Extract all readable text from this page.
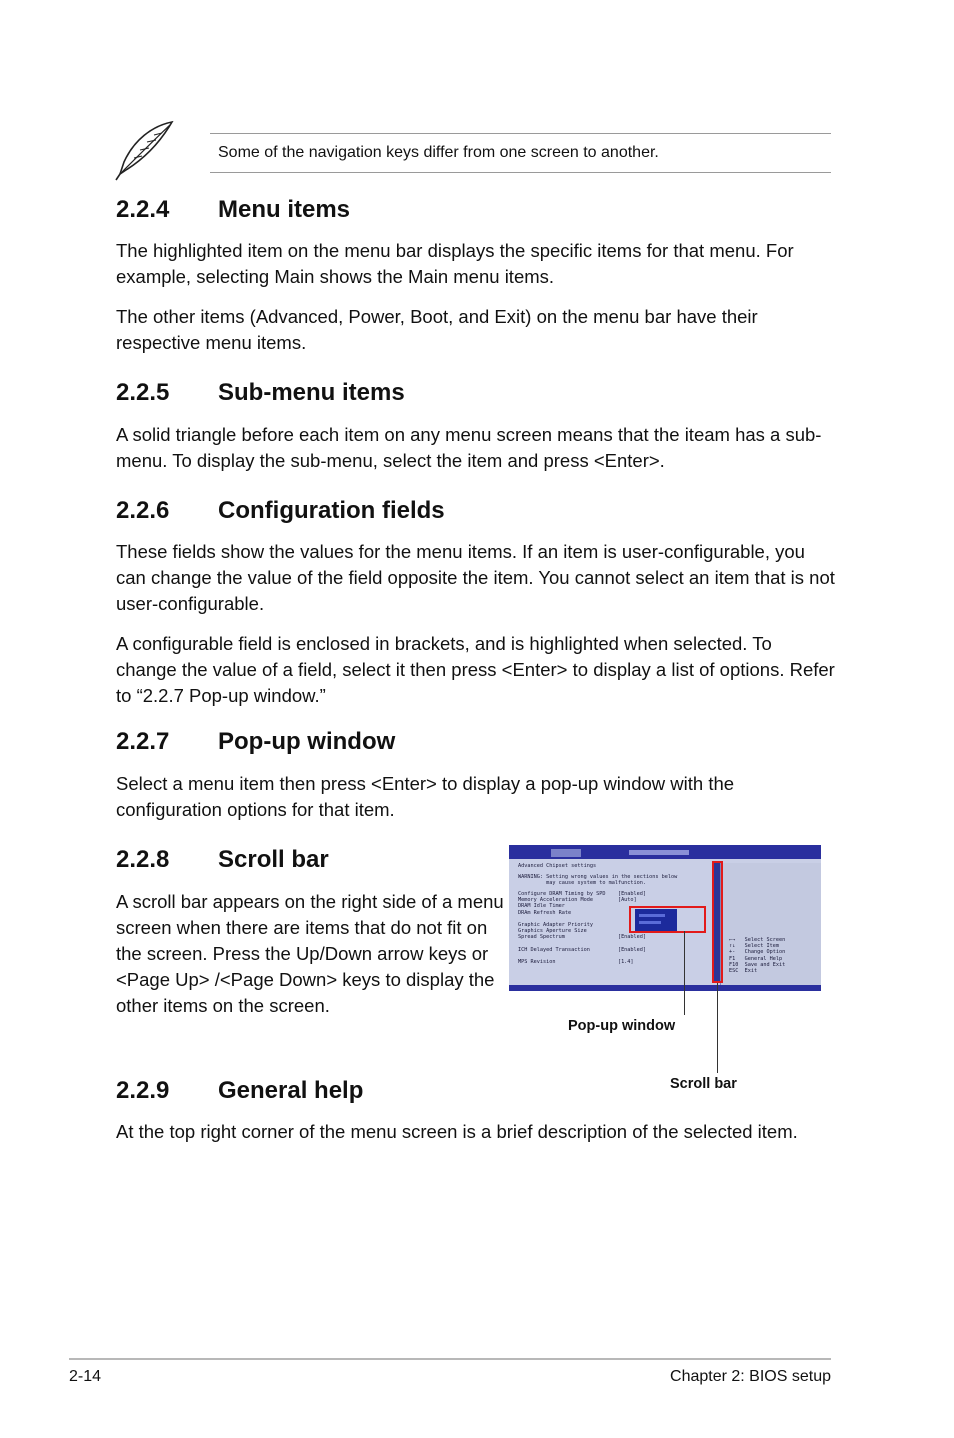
Some of the navigation keys differ from one screen to another.
2.2.4 Menu items

The highlighted item on the menu bar displays the specific items for that menu. For example, selecting Main shows the Main menu items.

The other items (Advanced, Power, Boot, and Exit) on the menu bar have their respective menu items.

2.2.5 Sub-menu items

A solid triangle before each item on any menu screen means that the iteam has a sub-menu. To display the sub-menu, select the item and press <Enter>.

2.2.6 Configuration fields

These fields show the values for the menu items. If an item is user-configurable, you can change the value of the field opposite the item. You cannot select an item that is not user-configurable.

A configurable field is enclosed in brackets, and is highlighted when selected. To change the value of a field, select it then press <Enter> to display a list of options. Refer to “2.2.7 Pop-up window.”

2.2.7 Pop-up window

Select a menu item then press <Enter> to display a pop-up window with the configuration options for that item.

2.2.8 Scroll bar

A scroll bar appears on the right side of a menu screen when there are items that do not fit on the screen. Press the Up/Down arrow keys or <Page Up> /<Page Down> keys to display the other items on the screen.

Advanced Chipset settings
WARNING: Setting wrong values in the sections below
may cause system to malfunction.
Configure DRAM Timing by SPD    [Enabled]
Memory Acceleration Mode        [Auto]
DRAM Idle Timer
DRAm Refresh Rate

Graphic Adapter Priority
Graphics Aperture Size
Spread Spectrum                 [Enabled]

ICH Delayed Transaction         [Enabled]

MPS Revision                    [1.4]
←→   Select Screen
↑↓   Select Item
+-   Change Option
F1   General Help
F10  Save and Exit
ESC  Exit
Pop-up window
Scroll bar
2.2.9 General help

At the top right corner of the menu screen is a brief description of the selected item.

2-14	Chapter 2: BIOS setup
